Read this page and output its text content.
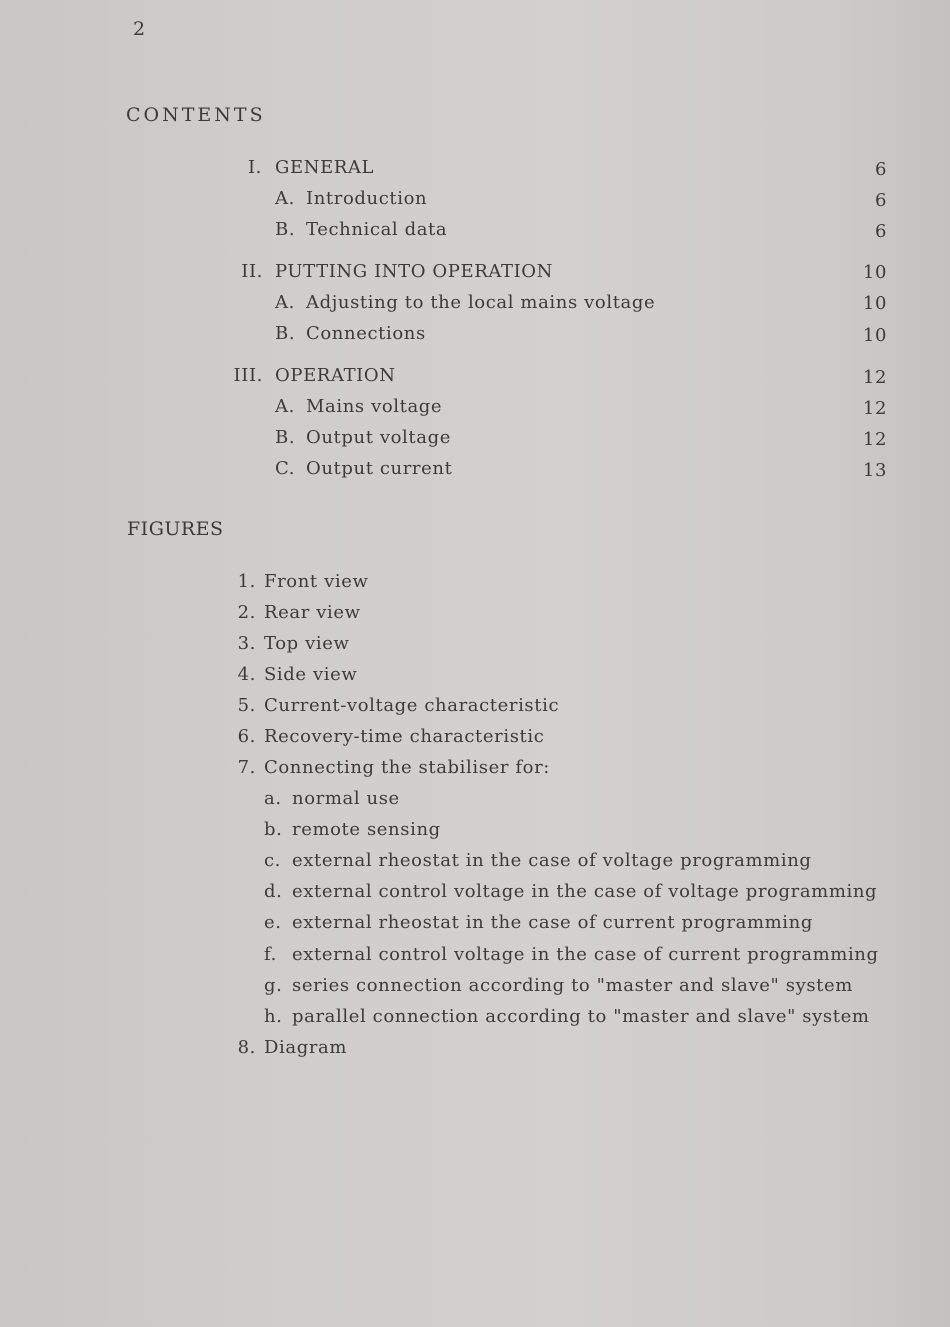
2
CONTENTS
I. GENERAL	6
A. Introduction	6
B. Technical data	6
II. PUTTING INTO OPERATION	10
A. Adjusting to the local mains voltage	10
B. Connections	10
III. OPERATION	12
A. Mains voltage	12
B. Output voltage	12
C. Output current	13
FIGURES
1. Front view
2. Rear view
3. Top view
4. Side view
5. Current-voltage characteristic
6. Recovery-time characteristic
7. Connecting the stabiliser for:
a. normal use
b. remote sensing
c. external rheostat in the case of voltage programming
d. external control voltage in the case of voltage programming
e. external rheostat in the case of current programming
f. external control voltage in the case of current programming
g. series connection according to "master and slave" system
h. parallel connection according to "master and slave" system
8. Diagram
